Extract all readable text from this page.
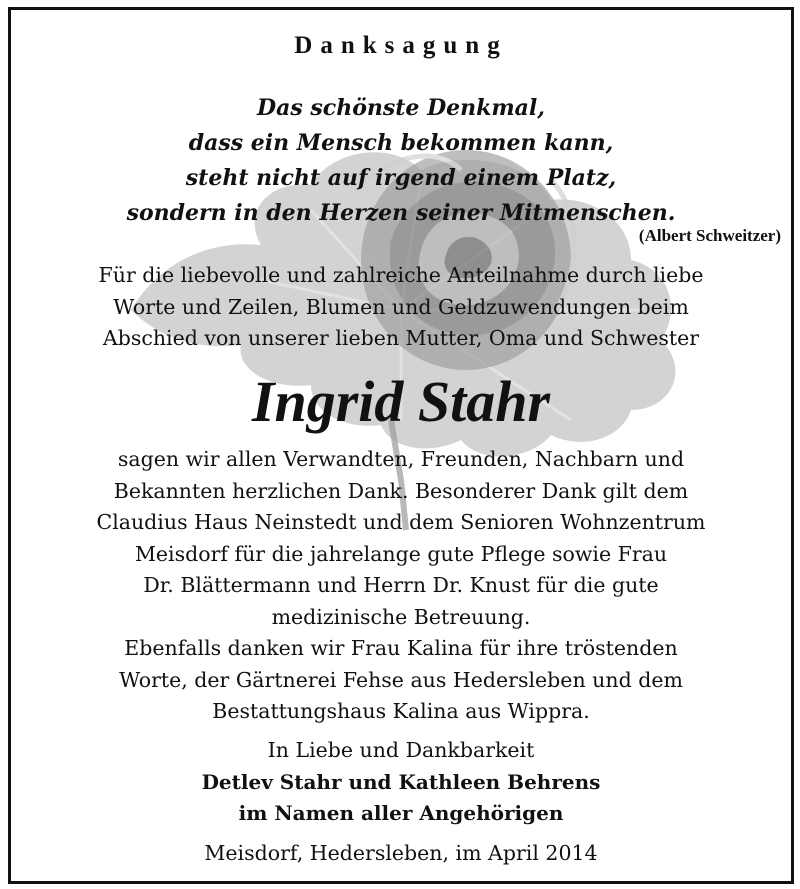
Danksagung
Das schönste Denkmal,
dass ein Mensch bekommen kann,
steht nicht auf irgend einem Platz,
sondern in den Herzen seiner Mitmenschen.
(Albert Schweitzer)
Für die liebevolle und zahlreiche Anteilnahme durch liebe
Worte und Zeilen, Blumen und Geldzuwendungen beim
Abschied von unserer lieben Mutter, Oma und Schwester
Ingrid Stahr
sagen wir allen Verwandten, Freunden, Nachbarn und
Bekannten herzlichen Dank. Besonderer Dank gilt dem
Claudius Haus Neinstedt und dem Senioren Wohnzentrum
Meisdorf für die jahrelange gute Pflege sowie Frau
Dr. Blättermann und Herrn Dr. Knust für die gute
medizinische Betreuung.
Ebenfalls danken wir Frau Kalina für ihre tröstenden
Worte, der Gärtnerei Fehse aus Hedersleben und dem
Bestattungshaus Kalina aus Wippra.
In Liebe und Dankbarkeit
Detlev Stahr und Kathleen Behrens
im Namen aller Angehörigen
Meisdorf, Hedersleben, im April 2014
